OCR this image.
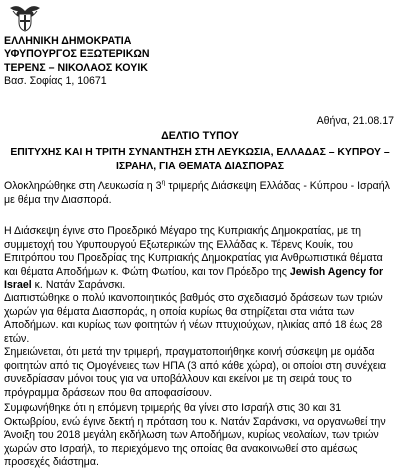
ΕΛΛΗΝΙΚΗ ΔΗΜΟΚΡΑΤΙΑ
ΥΦΥΠΟΥΡΓΟΣ ΕΞΩΤΕΡΙΚΩΝ
ΤΕΡΕΝΣ – ΝΙΚΟΛΑΟΣ ΚΟΥΙΚ
Βασ. Σοφίας 1, 10671
Αθήνα, 21.08.17
ΔΕΛΤΙΟ ΤΥΠΟΥ
ΕΠΙΤΥΧΗΣ ΚΑΙ Η ΤΡΙΤΗ ΣΥΝΑΝΤΗΣΗ ΣΤΗ ΛΕΥΚΩΣΙΑ, ΕΛΛΑΔΑΣ – ΚΥΠΡΟΥ –
ΙΣΡΑΗΛ, ΓΙΑ ΘΕΜΑΤΑ ΔΙΑΣΠΟΡΑΣ
Ολοκληρώθηκε στη Λευκωσία η $3^\eta$ τριμερής Διάσκεψη Ελλάδας - Κύπρου - Ισραήλ με θέμα την Διασπορά.
Η Διάσκεψη έγινε στο Προεδρικό Μέγαρο της Κυπριακής Δημοκρατίας, με τη συμμετοχή του Υφυπουργού Εξωτερικών της Ελλάδας κ. Τέρενς Κουίκ, του Επιτρόπου του Προεδρίας της Κυπριακής Δημοκρατίας για Ανθρωπιστικά θέματα και θέματα Αποδήμων κ. Φώτη Φωτίου, και τον Πρόεδρο της Jewish Agency for Israel κ. Νατάν Σαράνσκι.
Διαπιστώθηκε ο πολύ ικανοποιητικός βαθμός στο σχεδιασμό δράσεων των τριών χωρών για θέματα Διασποράς, η οποία κυρίως θα στηρίζεται στα νιάτα των Αποδήμων. και κυρίως των φοιτητών ή νέων πτυχιούχων, ηλικίας από 18 έως 28 ετών.
Σημειώνεται, ότι μετά την τριμερή, πραγματοποιήθηκε κοινή σύσκεψη με ομάδα φοιτητών από τις Ομογένειες των ΗΠΑ (3 από κάθε χώρα), οι οποίοι στη συνέχεια συνεδρίασαν μόνοι τους για να υποβάλλουν και εκείνοι με τη σειρά τους το πρόγραμμα δράσεων που θα αποφασίσουν.
Συμφωνήθηκε ότι η επόμενη τριμερής θα γίνει στο Ισραήλ στις 30 και 31 Οκτωβρίου, ενώ έγινε δεκτή η πρόταση του κ. Νατάν Σαράνσκι, να οργανωθεί την Άνοιξη του 2018 μεγάλη εκδήλωση των Αποδήμων, κυρίως νεολαίων, των τριών χωρών στο Ισραήλ, το περιεχόμενο της οποίας θα ανακοινωθεί στο αμέσως προσεχές διάστημα.
